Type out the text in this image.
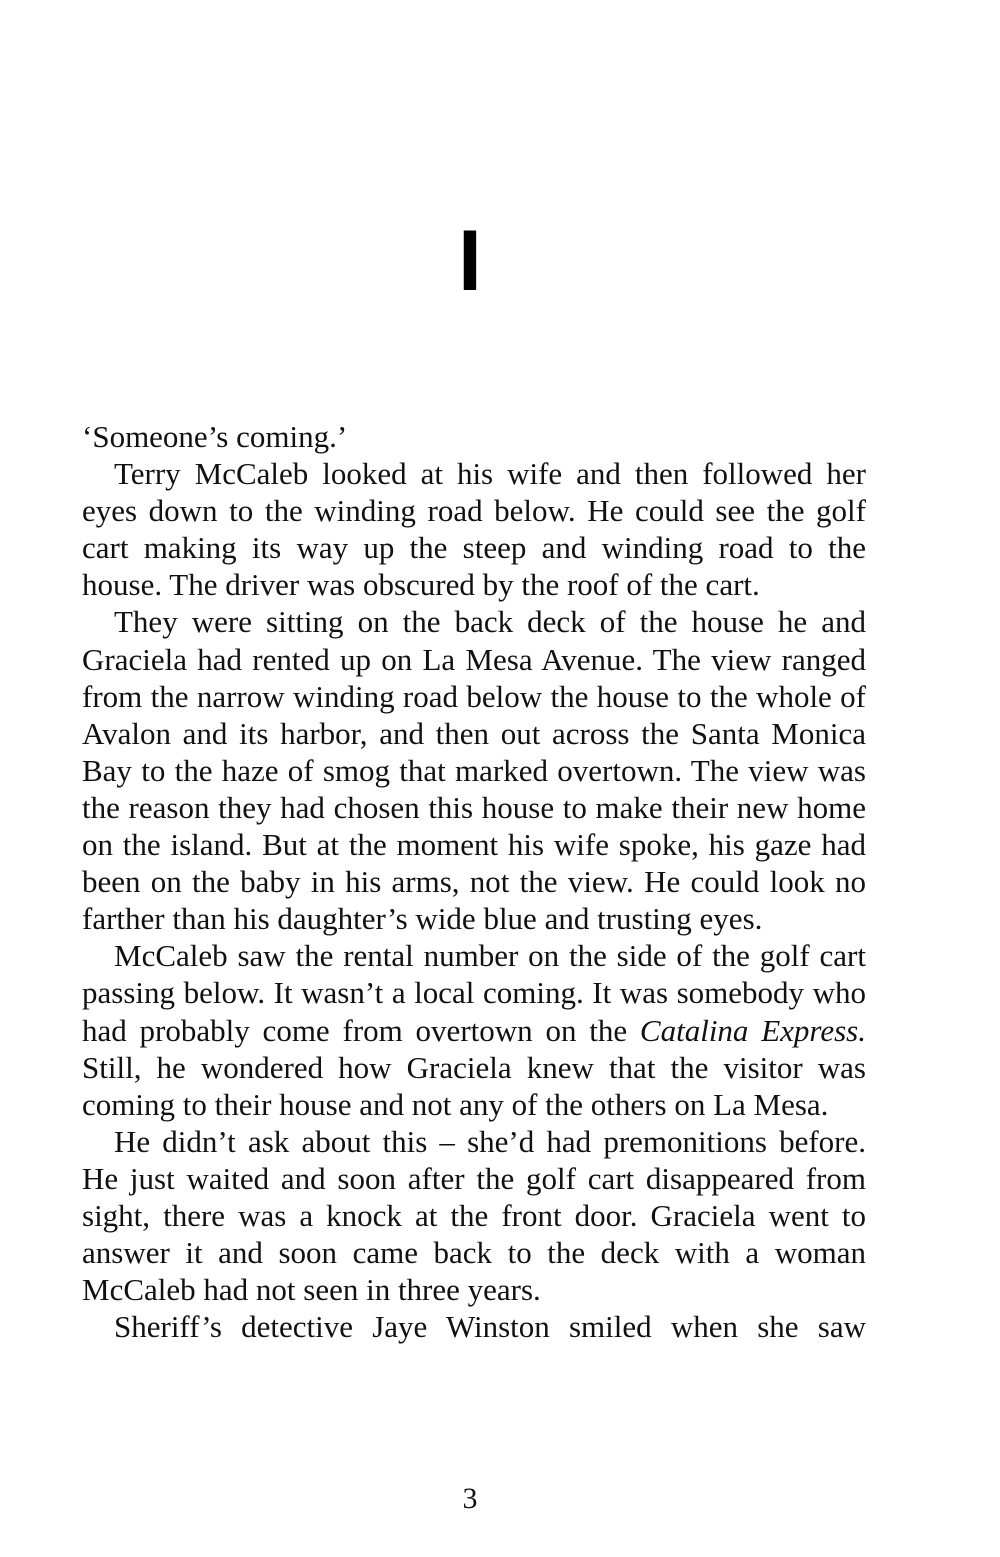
I

‘Someone’s coming.’

Terry McCaleb looked at his wife and then followed her eyes down to the winding road below. He could see the golf cart making its way up the steep and winding road to the house. The driver was obscured by the roof of the cart.

They were sitting on the back deck of the house he and Graciela had rented up on La Mesa Avenue. The view ranged from the narrow winding road below the house to the whole of Avalon and its harbor, and then out across the Santa Monica Bay to the haze of smog that marked overtown. The view was the reason they had chosen this house to make their new home on the island. But at the moment his wife spoke, his gaze had been on the baby in his arms, not the view. He could look no farther than his daughter’s wide blue and trusting eyes.

McCaleb saw the rental number on the side of the golf cart passing below. It wasn’t a local coming. It was somebody who had probably come from overtown on the Catalina Express. Still, he wondered how Graciela knew that the visitor was coming to their house and not any of the others on La Mesa.

He didn’t ask about this – she’d had premonitions before. He just waited and soon after the golf cart disappeared from sight, there was a knock at the front door. Graciela went to answer it and soon came back to the deck with a woman McCaleb had not seen in three years.

Sheriff’s detective Jaye Winston smiled when she saw

3
